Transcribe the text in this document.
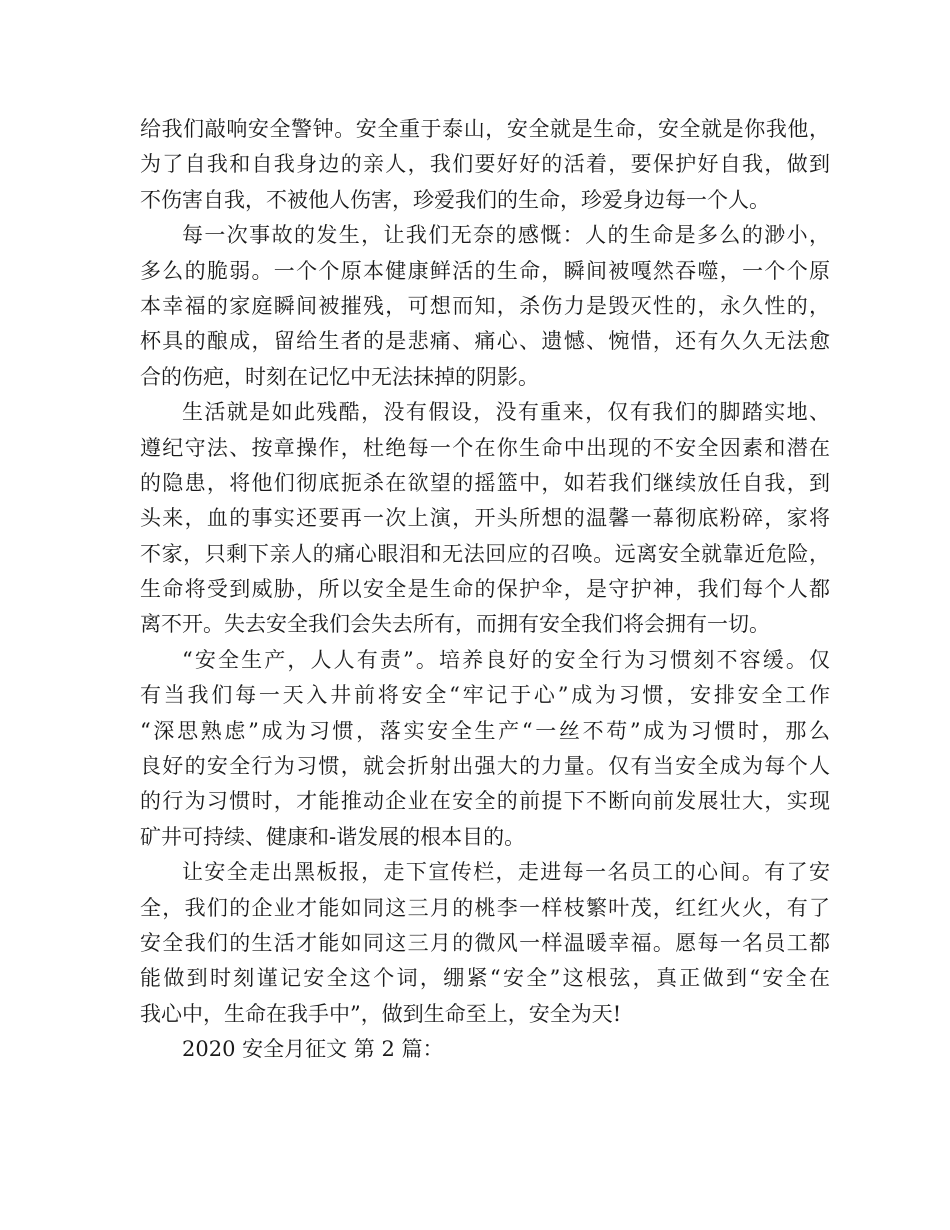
给我们敲响安全警钟。安全重于泰山，安全就是生命，安全就是你我他，
为了自我和自我身边的亲人，我们要好好的活着，要保护好自我，做到
不伤害自我，不被他人伤害，珍爱我们的生命，珍爱身边每一个人。
每一次事故的发生，让我们无奈的感慨：人的生命是多么的渺小，
多么的脆弱。一个个原本健康鲜活的生命，瞬间被嘎然吞噬，一个个原
本幸福的家庭瞬间被摧残，可想而知，杀伤力是毁灭性的，永久性的，
杯具的酿成，留给生者的是悲痛、痛心、遗憾、惋惜，还有久久无法愈
合的伤疤，时刻在记忆中无法抹掉的阴影。
生活就是如此残酷，没有假设，没有重来，仅有我们的脚踏实地、
遵纪守法、按章操作，杜绝每一个在你生命中出现的不安全因素和潜在
的隐患，将他们彻底扼杀在欲望的摇篮中，如若我们继续放任自我，到
头来，血的事实还要再一次上演，开头所想的温馨一幕彻底粉碎，家将
不家，只剩下亲人的痛心眼泪和无法回应的召唤。远离安全就靠近危险，
生命将受到威胁，所以安全是生命的保护伞，是守护神，我们每个人都
离不开。失去安全我们会失去所有，而拥有安全我们将会拥有一切。
“安全生产，人人有责”。培养良好的安全行为习惯刻不容缓。仅
有当我们每一天入井前将安全“牢记于心”成为习惯，安排安全工作
“深思熟虑”成为习惯，落实安全生产“一丝不苟”成为习惯时，那么
良好的安全行为习惯，就会折射出强大的力量。仅有当安全成为每个人
的行为习惯时，才能推动企业在安全的前提下不断向前发展壮大，实现
矿井可持续、健康和-谐发展的根本目的。
让安全走出黑板报，走下宣传栏，走进每一名员工的心间。有了安
全，我们的企业才能如同这三月的桃李一样枝繁叶茂，红红火火，有了
安全我们的生活才能如同这三月的微风一样温暖幸福。愿每一名员工都
能做到时刻谨记安全这个词，绷紧“安全”这根弦，真正做到“安全在
我心中，生命在我手中”，做到生命至上，安全为天!
2020 安全月征文 第 2 篇：
